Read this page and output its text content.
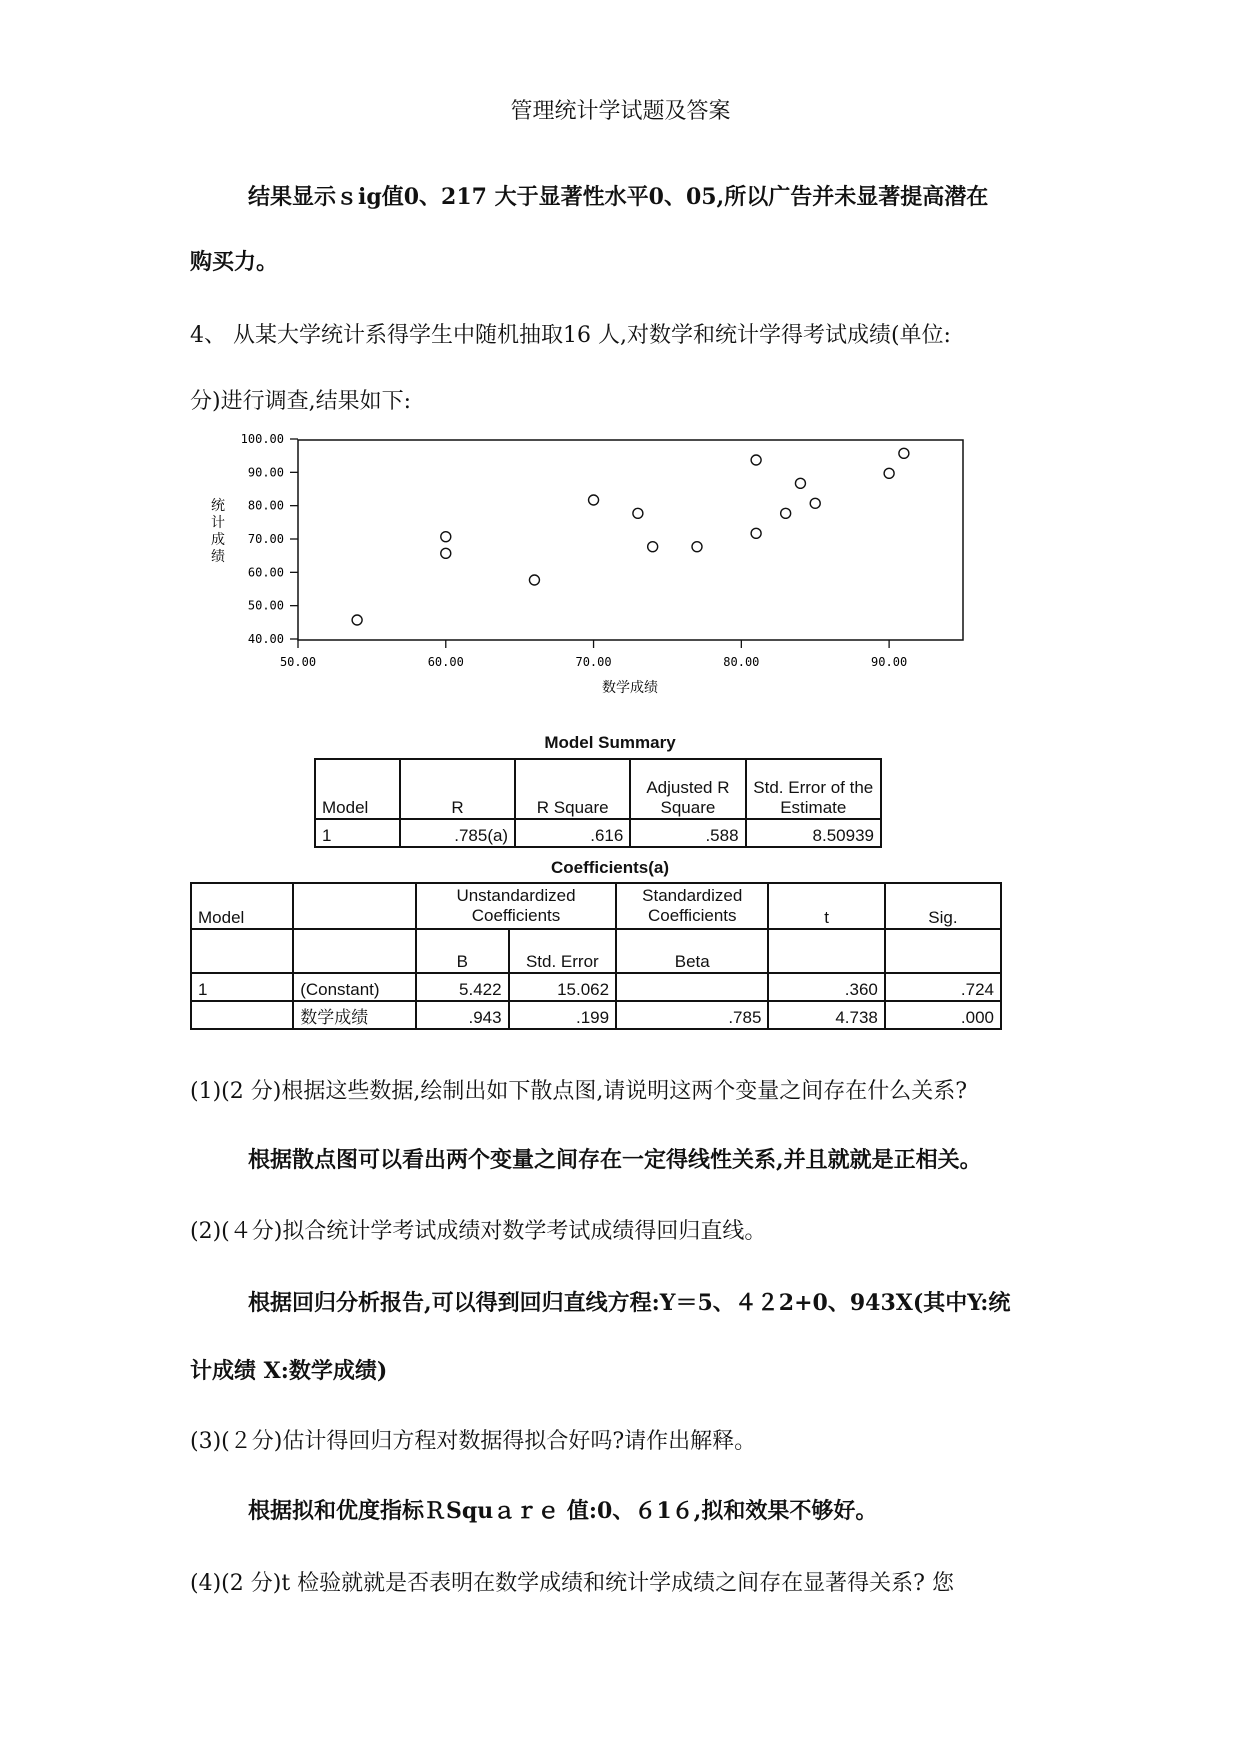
管理统计学试题及答案
结果显示ｓig值0、217 大于显著性水平0、05,所以广告并未显著提高潜在
购买力。
4、 从某大学统计系得学生中随机抽取16 人,对数学和统计学得考试成绩(单位:
分)进行调查,结果如下:
40.00
50.00
60.00
70.00
80.00
90.00
100.00
50.00	60.00	70.00	80.00	90.00
数学成绩
统
计
成
绩
Model Summary
Model	R	R Square	Adjusted R Square	Std. Error of the Estimate
1	.785(a)	.616	.588	8.50939
Coefficients(a)
Model		Unstandardized Coefficients		Standardized Coefficients	t	Sig.
		B	Std. Error	Beta		
1	(Constant)	5.422	15.062		.360	.724
	数学成绩	.943	.199	.785	4.738	.000
(1)(2 分)根据这些数据,绘制出如下散点图,请说明这两个变量之间存在什么关系?
根据散点图可以看出两个变量之间存在一定得线性关系,并且就就是正相关。
(2)(４分)拟合统计学考试成绩对数学考试成绩得回归直线。
根据回归分析报告,可以得到回归直线方程:Y＝5、４２2+0、943X(其中Y:统
计成绩 X:数学成绩)
(3)(２分)估计得回归方程对数据得拟合好吗?请作出解释。
根据拟和优度指标ＲSquａｒｅ 值:0、６1６,拟和效果不够好。
(4)(2 分)t 检验就就是否表明在数学成绩和统计学成绩之间存在显著得关系? 您
